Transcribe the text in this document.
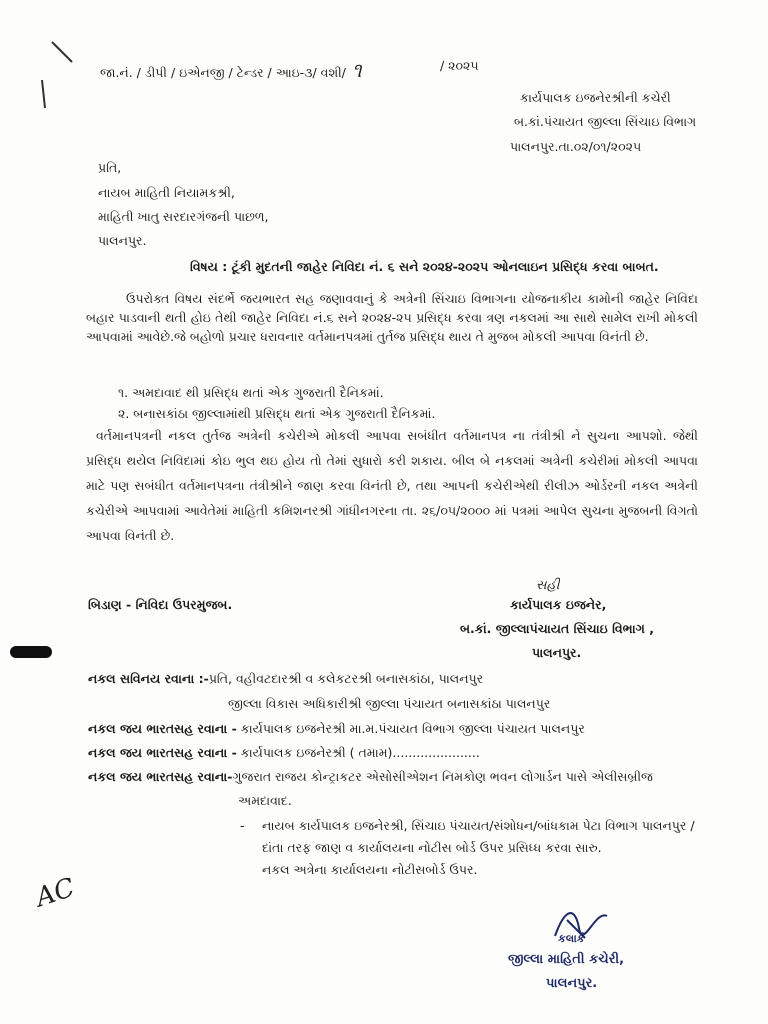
જા.નં. / ડીપી / ઇએનજી / ટેન્ડર / આઇ-૩/ વશી/ ૧	/ ૨૦૨૫
કાર્યપાલક ઇજનેરશ્રીની કચેરી
બ.કાં.પંચાયત જીલ્લા સિંચાઇ વિભાગ
પાલનપુર.તા.૦૨/૦૧/૨૦૨૫
પ્રતિ,
નાયબ માહિતી નિયામકશ્રી,
માહિતી ખાતુ સરદારગંજની પાછળ,
પાલનપુર.
વિષય : ટૂંકી મુદતની જાહેર નિવિદા નં. ૬ સને ૨૦૨૪-૨૦૨૫ ઓનલાઇન પ્રસિદ્ધ કરવા બાબત.
ઉપરોક્ત વિષય સંદર્ભે જયભારત સહ જણાવવાનું કે અત્રેની સિંચાઇ વિભાગના યોજનાકીય કામોની જાહેર નિવિદા બહાર પાડવાની થતી હોઇ તેથી જાહેર નિવિદા નં.૬ સને ૨૦૨૪-૨૫ પ્રસિદ્ધ કરવા ત્રણ નકલમાં આ સાથે સામેલ રાખી મોકલી આપવામાં આવેછે.જે બહોળો પ્રચાર ધરાવનાર વર્તમાનપત્રમાં તુર્તજ પ્રસિદ્ધ થાય તે મુજબ મોકલી આપવા વિનંતી છે.
૧. અમદાવાદ થી પ્રસિદ્ધ થતાં એક ગુજરાતી દૈનિકમાં.
૨. બનાસકાંઠા જીલ્લામાંથી પ્રસિદ્ધ થતાં એક ગુજરાતી દૈનિકમાં.
વર્તમાનપત્રની નકલ તુર્તજ અત્રેની કચેરીએ મોકલી આપવા સબંધીત વર્તમાનપત્ર ના તંત્રીશ્રી ને સુચના આપશો. જેથી પ્રસિદ્ધ થયેલ નિવિદામાં કોઇ ભુલ થઇ હોય તો તેમાં સુધારો કરી શકાય. બીલ બે નકલમાં અત્રેની કચેરીમાં મોકલી આપવા માટે પણ સબંધીત વર્તમાનપત્રના તંત્રીશ્રીને જાણ કરવા વિનંતી છે, તથા આપની કચેરીએથી રીલીઝ ઓર્ડરની નકલ અત્રેની કચેરીએ આપવામાં આવેતેમાં માહિતી કમિશનરશ્રી ગાંધીનગરના તા. ૨૬/૦૫/૨૦૦૦ માં પત્રમાં આપેલ સુચના મુજબની વિગતો આપવા વિનંતી છે.
બિડાણ - નિવિદા ઉપરમુજબ.
સહી
કાર્યપાલક ઇજનેર,
બ.કાં. જીલ્લાપંચાયત સિંચાઇ વિભાગ ,
પાલનપુર.
નકલ સવિનય રવાના :-પ્રતિ, વહીવટદારશ્રી વ કલેકટરશ્રી બનાસકાંઠા, પાલનપુર
જીલ્લા વિકાસ અધિકારીશ્રી જીલ્લા પંચાયત બનાસકાંઠા પાલનપુર
નકલ જય ભારતસહ રવાના - કાર્યપાલક ઇજનેરશ્રી મા.મ.પંચાયત વિભાગ જીલ્લા પંચાયત પાલનપુર
નકલ જય ભારતસહ રવાના - કાર્યપાલક ઇજનેરશ્રી ( તમામ)......................
નકલ જય ભારતસહ રવાના-ગુજરાત રાજય કોન્ટ્રાકટર એસોસીએશન નિમકોણ ભવન લોગાર્ડન પાસે એલીસબ્રીજ
અમદાવાદ.
- નાયબ કાર્યપાલક ઇજનેરશ્રી, સિંચાઇ પંચાયત/સંશોધન/બાંધકામ પેટા વિભાગ પાલનપુર /
દાંતા તરફ જાણ વ કાર્યાલયના નોટીસ બોર્ડ ઉપર પ્રસિધ્ધ કરવા સારુ.
નકલ અત્રેના કાર્યાલયના નોટીસબોર્ડ ઉપર.
AC
કલાર્ક
જીલ્લા માહિતી કચેરી,
પાલનપુર.
